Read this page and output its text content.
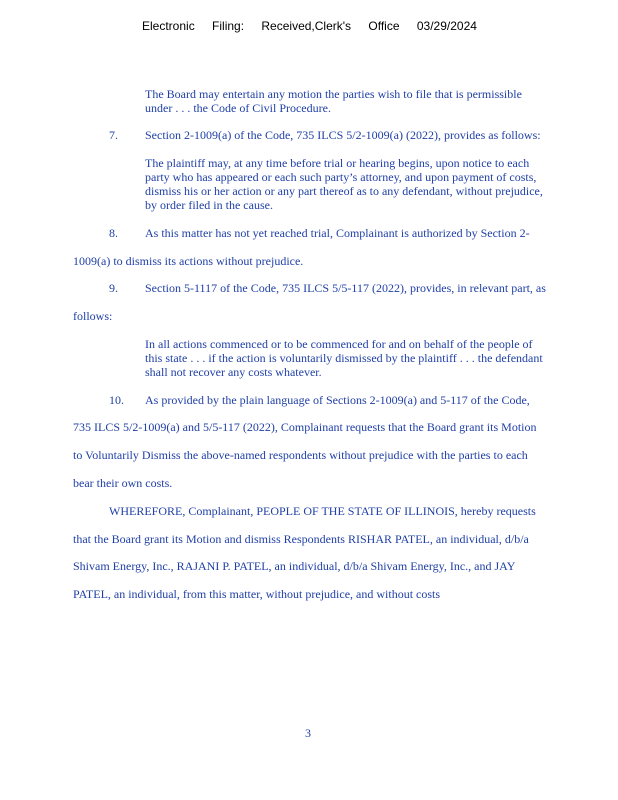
Electronic Filing: Received,Clerk's Office 03/29/2024
The Board may entertain any motion the parties wish to file that is permissible
under . . . the Code of Civil Procedure.
7. Section 2-1009(a) of the Code, 735 ILCS 5/2-1009(a) (2022), provides as follows:
The plaintiff may, at any time before trial or hearing begins, upon notice to each
party who has appeared or each such party’s attorney, and upon payment of costs,
dismiss his or her action or any part thereof as to any defendant, without prejudice,
by order filed in the cause.
8. As this matter has not yet reached trial, Complainant is authorized by Section 2-
1009(a) to dismiss its actions without prejudice.
9. Section 5-1117 of the Code, 735 ILCS 5/5-117 (2022), provides, in relevant part, as
follows:
In all actions commenced or to be commenced for and on behalf of the people of
this state . . . if the action is voluntarily dismissed by the plaintiff . . . the defendant
shall not recover any costs whatever.
10. As provided by the plain language of Sections 2-1009(a) and 5-117 of the Code,
735 ILCS 5/2-1009(a) and 5/5-117 (2022), Complainant requests that the Board grant its Motion
to Voluntarily Dismiss the above-named respondents without prejudice with the parties to each
bear their own costs.
WHEREFORE, Complainant, PEOPLE OF THE STATE OF ILLINOIS, hereby requests
that the Board grant its Motion and dismiss Respondents RISHAR PATEL, an individual, d/b/a
Shivam Energy, Inc., RAJANI P. PATEL, an individual, d/b/a Shivam Energy, Inc., and JAY
PATEL, an individual, from this matter, without prejudice, and without costs
3
